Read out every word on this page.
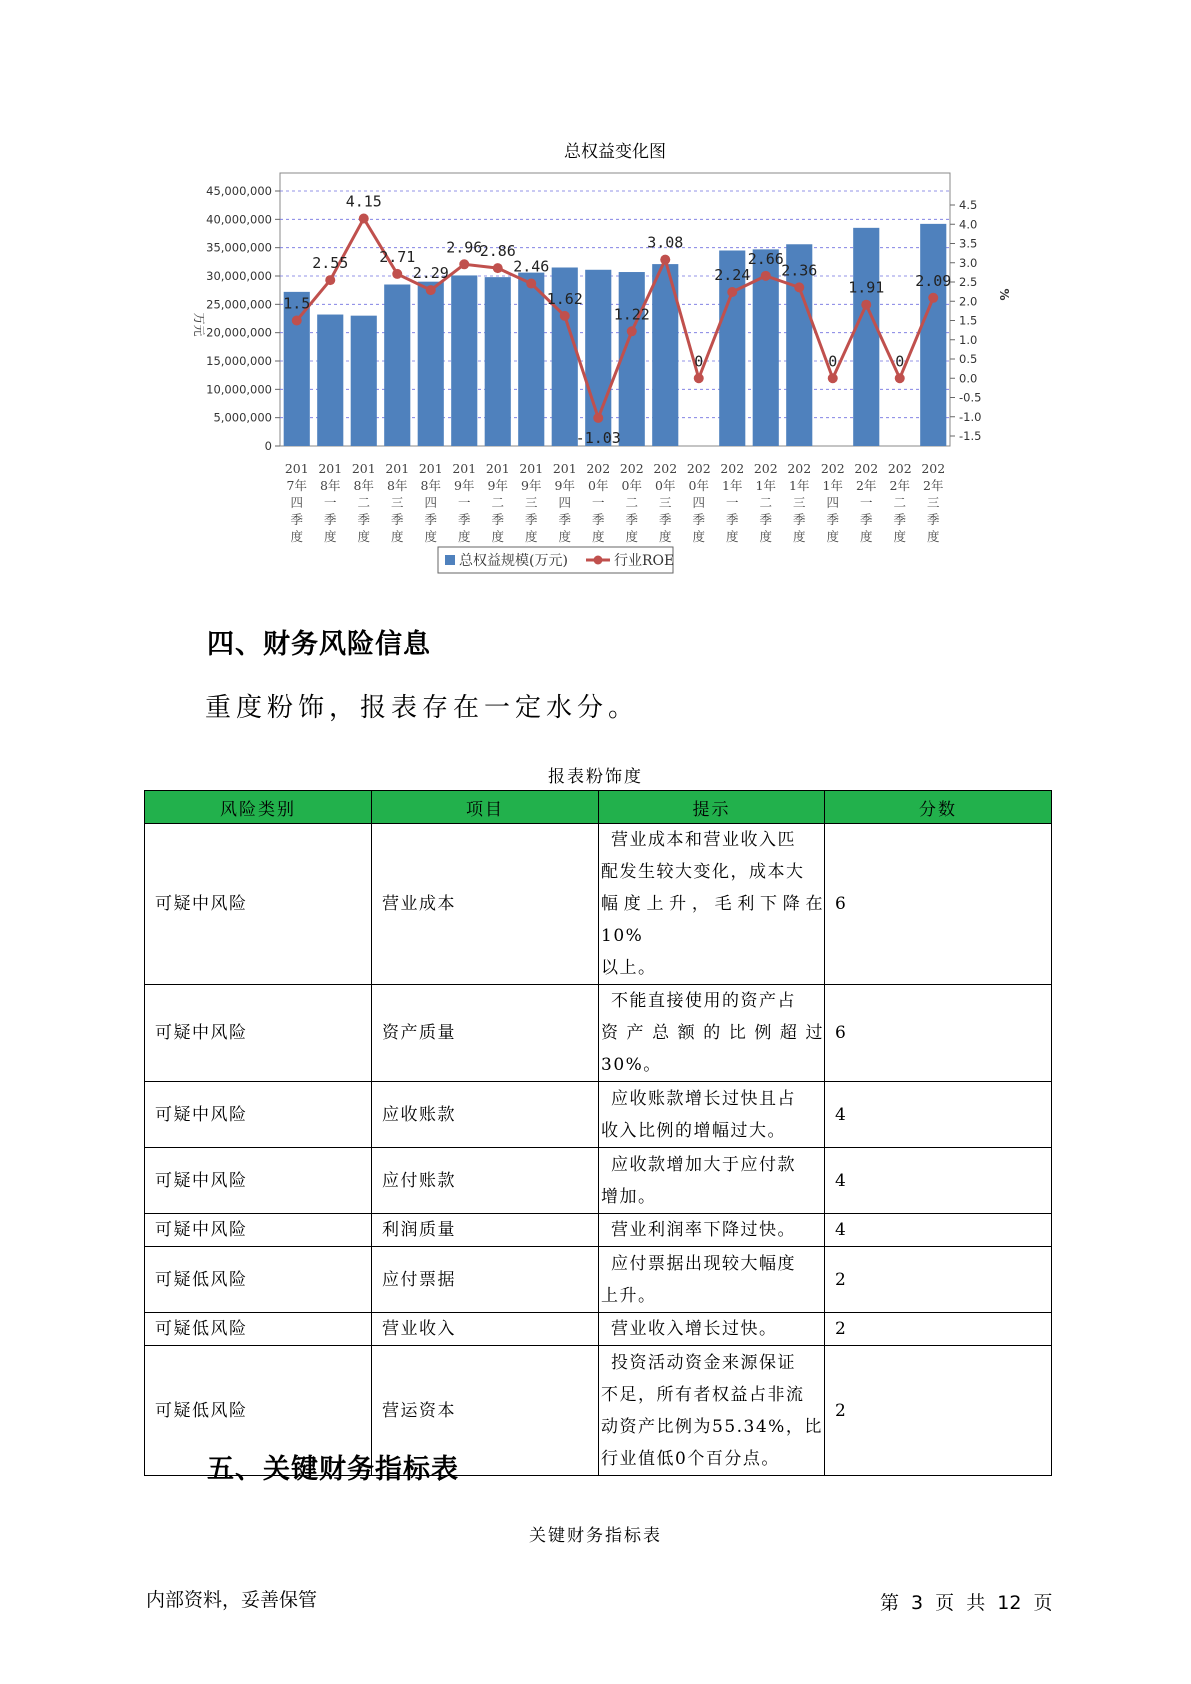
总权益变化图
0
5,000,000
10,000,000
15,000,000
20,000,000
25,000,000
30,000,000
35,000,000
40,000,000
45,000,000
万元
-1.5
-1.0
-0.5
0.0
0.5
1.0
1.5
2.0
2.5
3.0
3.5
4.0
4.5
%
201
7年
四
季
度
201
8年
一
季
度
201
8年
二
季
度
201
8年
三
季
度
201
8年
四
季
度
201
9年
一
季
度
201
9年
二
季
度
201
9年
三
季
度
201
9年
四
季
度
202
0年
一
季
度
202
0年
二
季
度
202
0年
三
季
度
202
0年
四
季
度
202
1年
一
季
度
202
1年
二
季
度
202
1年
三
季
度
202
1年
四
季
度
202
2年
一
季
度
202
2年
二
季
度
202
2年
三
季
度
1.5
2.55
4.15
2.71
2.29
2.96
2.86
2.46
1.62
-1.03
1.22
3.08
0
2.24
2.66
2.36
0
1.91
0
2.09
总权益规模(万元)	行业ROE
四、财务风险信息
重度粉饰，报表存在一定水分。
报表粉饰度
风险类别	项目	提示	分数
可疑中风险	营业成本	营业成本和营业收入匹
配发生较大变化，成本大
幅度上升，毛利下降在10%
以上。	6
可疑中风险	资产质量	不能直接使用的资产占
资产总额的比例超过30%。	6
可疑中风险	应收账款	应收账款增长过快且占
收入比例的增幅过大。	4
可疑中风险	应付账款	应收款增加大于应付款
增加。	4
可疑中风险	利润质量	营业利润率下降过快。	4
可疑低风险	应付票据	应付票据出现较大幅度
上升。	2
可疑低风险	营业收入	营业收入增长过快。	2
可疑低风险	营运资本	投资活动资金来源保证
不足，所有者权益占非流
动资产比例为55.34%，比
行业值低0个百分点。	2
五、关键财务指标表
关键财务指标表
内部资料，妥善保管	第 3 页 共 12 页
